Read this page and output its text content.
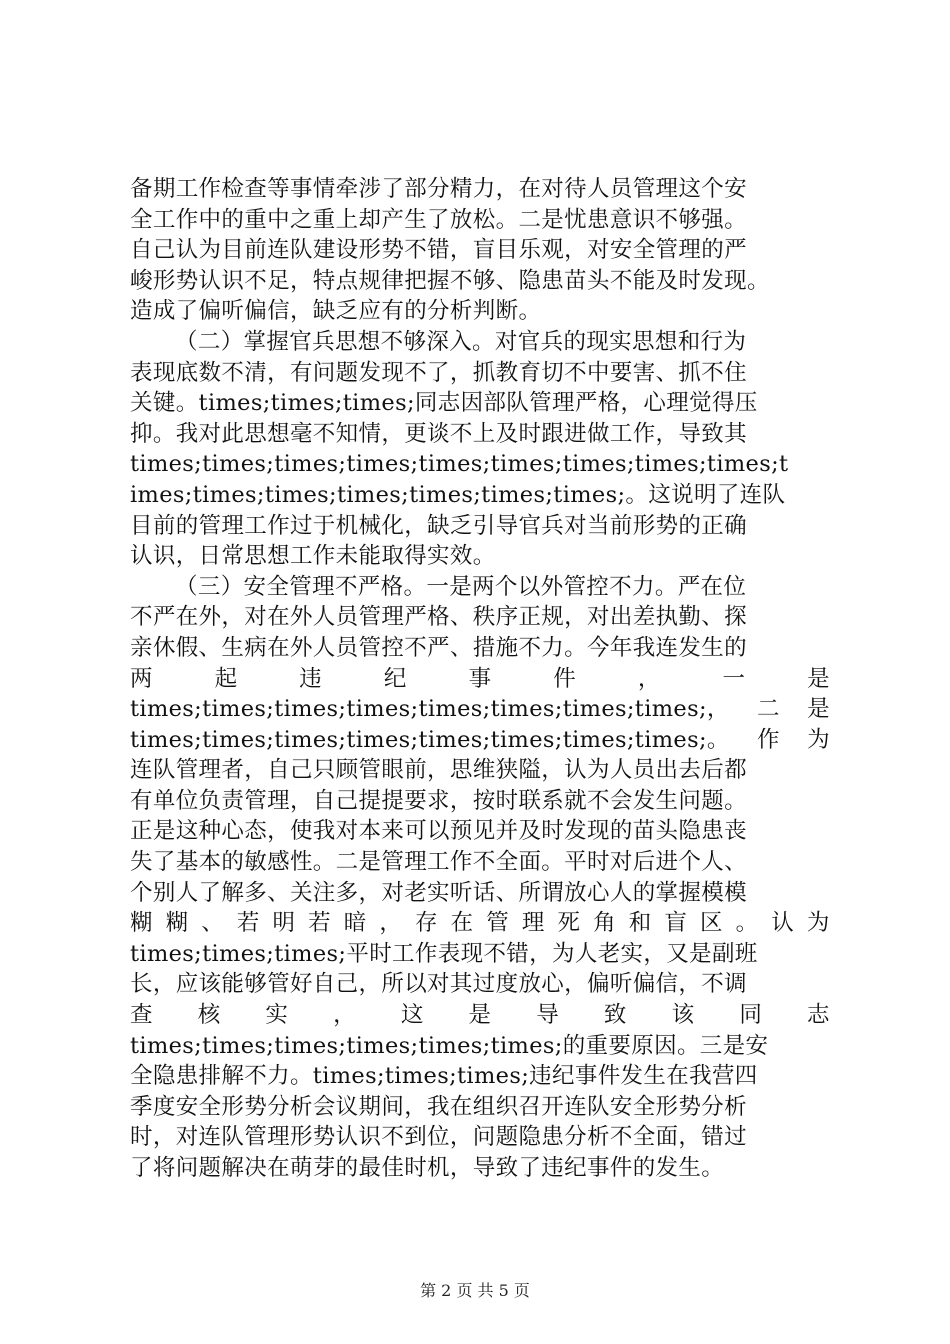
备期工作检查等事情牵涉了部分精力，在对待人员管理这个安
全工作中的重中之重上却产生了放松。二是忧患意识不够强。
自己认为目前连队建设形势不错，盲目乐观，对安全管理的严
峻形势认识不足，特点规律把握不够、隐患苗头不能及时发现。
造成了偏听偏信，缺乏应有的分析判断。
（二）掌握官兵思想不够深入。对官兵的现实思想和行为
表现底数不清，有问题发现不了，抓教育切不中要害、抓不住
关键。times;times;times;同志因部队管理严格，心理觉得压
抑。我对此思想毫不知情，更谈不上及时跟进做工作，导致其
times;times;times;times;times;times;times;times;times;t
imes;times;times;times;times;times;times;。这说明了连队
目前的管理工作过于机械化，缺乏引导官兵对当前形势的正确
认识，日常思想工作未能取得实效。
（三）安全管理不严格。一是两个以外管控不力。严在位
不严在外，对在外人员管理严格、秩序正规，对出差执勤、探
亲休假、生病在外人员管控不严、措施不力。今年我连发生的
两	起	违	纪	事	件	，	一	是
times;times;times;times;times;times;times;times;， 二 是
times;times;times;times;times;times;times;times;。 作 为
连队管理者，自己只顾管眼前，思维狭隘，认为人员出去后都
有单位负责管理，自己提提要求，按时联系就不会发生问题。
正是这种心态，使我对本来可以预见并及时发现的苗头隐患丧
失了基本的敏感性。二是管理工作不全面。平时对后进个人、
个别人了解多、关注多，对老实听话、所谓放心人的掌握模模
糊 糊 、 若 明 若 暗 ， 存 在 管 理 死 角 和 盲 区 。 认 为
times;times;times;平时工作表现不错，为人老实，又是副班
长，应该能够管好自己，所以对其过度放心，偏听偏信，不调
查 核 实 ， 这 是 导 致 该 同 志
times;times;times;times;times;times;的重要原因。三是安
全隐患排解不力。times;times;times;违纪事件发生在我营四
季度安全形势分析会议期间，我在组织召开连队安全形势分析
时，对连队管理形势认识不到位，问题隐患分析不全面，错过
了将问题解决在萌芽的最佳时机，导致了违纪事件的发生。
第 2 页 共 5 页
